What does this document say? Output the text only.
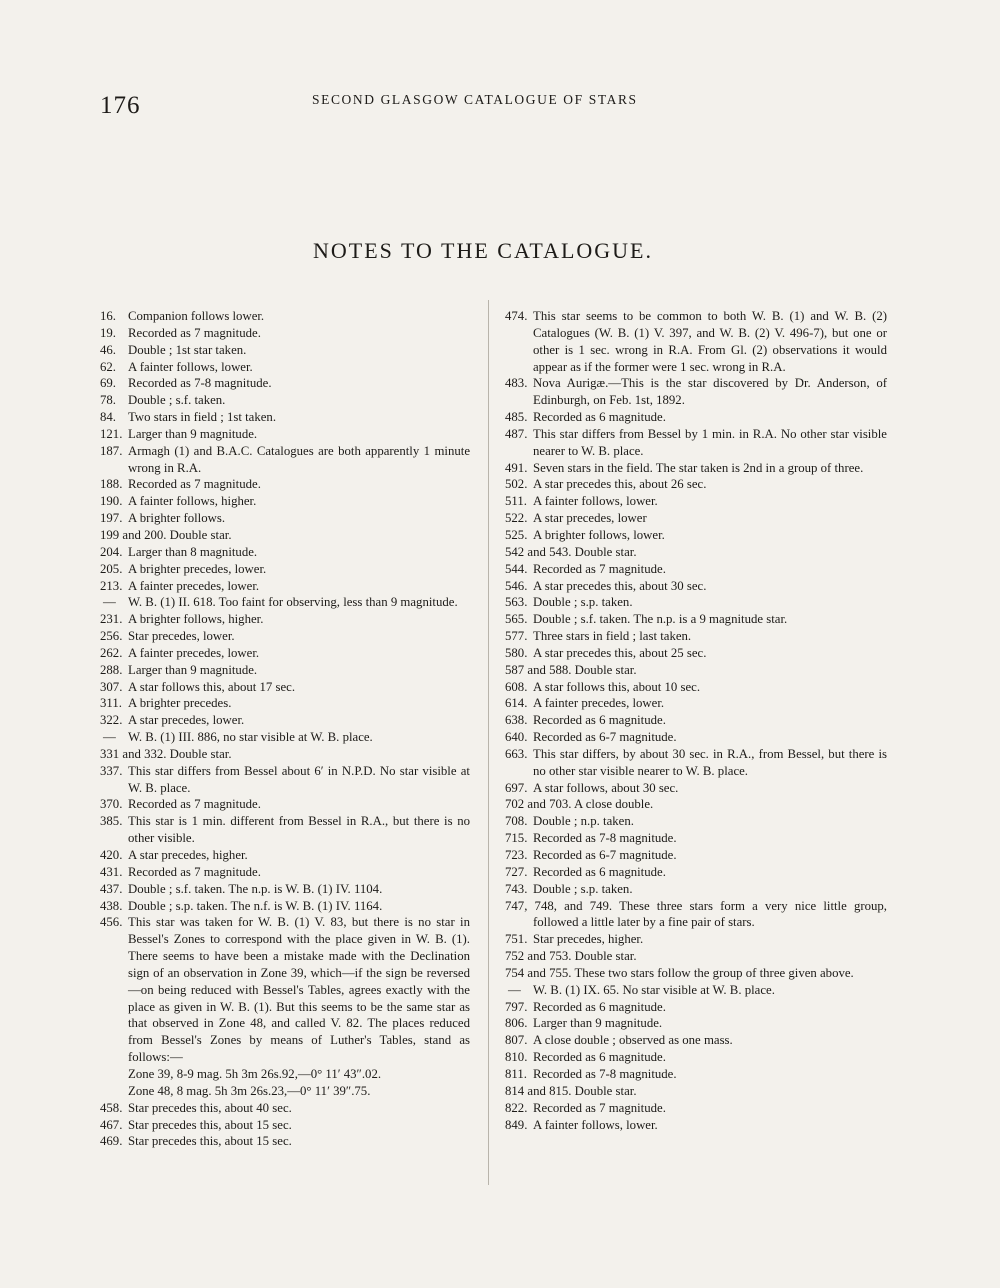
176	SECOND GLASGOW CATALOGUE OF STARS
NOTES TO THE CATALOGUE.
16. Companion follows lower.
19. Recorded as 7 magnitude.
46. Double ; 1st star taken.
62. A fainter follows, lower.
69. Recorded as 7-8 magnitude.
78. Double ; s.f. taken.
84. Two stars in field ; 1st taken.
121. Larger than 9 magnitude.
187. Armagh (1) and B.A.C. Catalogues are both apparently 1 minute wrong in R.A.
188. Recorded as 7 magnitude.
190. A fainter follows, higher.
197. A brighter follows.
199 and 200. Double star.
204. Larger than 8 magnitude.
205. A brighter precedes, lower.
213. A fainter precedes, lower.
— W. B. (1) II. 618. Too faint for observing, less than 9 magnitude.
231. A brighter follows, higher.
256. Star precedes, lower.
262. A fainter precedes, lower.
288. Larger than 9 magnitude.
307. A star follows this, about 17 sec.
311. A brighter precedes.
322. A star precedes, lower.
— W. B. (1) III. 886, no star visible at W. B. place.
331 and 332. Double star.
337. This star differs from Bessel about 6′ in N.P.D. No star visible at W. B. place.
370. Recorded as 7 magnitude.
385. This star is 1 min. different from Bessel in R.A., but there is no other visible.
420. A star precedes, higher.
431. Recorded as 7 magnitude.
437. Double ; s.f. taken. The n.p. is W. B. (1) IV. 1104.
438. Double ; s.p. taken. The n.f. is W. B. (1) IV. 1164.
456. This star was taken for W. B. (1) V. 83, but there is no star in Bessel's Zones to correspond with the place given in W. B. (1). There seems to have been a mistake made with the Declination sign of an observation in Zone 39, which—if the sign be reversed—on being reduced with Bessel's Tables, agrees exactly with the place as given in W. B. (1). But this seems to be the same star as that observed in Zone 48, and called V. 82. The places reduced from Bessel's Zones by means of Luther's Tables, stand as follows:—
Zone 39, 8-9 mag. 5h 3m 26s.92,—0° 11′ 43″.02.
Zone 48, 8 mag. 5h 3m 26s.23,—0° 11′ 39″.75.
458. Star precedes this, about 40 sec.
467. Star precedes this, about 15 sec.
469. Star precedes this, about 15 sec.
474. This star seems to be common to both W. B. (1) and W. B. (2) Catalogues (W. B. (1) V. 397, and W. B. (2) V. 496-7), but one or other is 1 sec. wrong in R.A. From Gl. (2) observations it would appear as if the former were 1 sec. wrong in R.A.
483. Nova Aurigæ.—This is the star discovered by Dr. Anderson, of Edinburgh, on Feb. 1st, 1892.
485. Recorded as 6 magnitude.
487. This star differs from Bessel by 1 min. in R.A. No other star visible nearer to W. B. place.
491. Seven stars in the field. The star taken is 2nd in a group of three.
502. A star precedes this, about 26 sec.
511. A fainter follows, lower.
522. A star precedes, lower
525. A brighter follows, lower.
542 and 543. Double star.
544. Recorded as 7 magnitude.
546. A star precedes this, about 30 sec.
563. Double ; s.p. taken.
565. Double ; s.f. taken. The n.p. is a 9 magnitude star.
577. Three stars in field ; last taken.
580. A star precedes this, about 25 sec.
587 and 588. Double star.
608. A star follows this, about 10 sec.
614. A fainter precedes, lower.
638. Recorded as 6 magnitude.
640. Recorded as 6-7 magnitude.
663. This star differs, by about 30 sec. in R.A., from Bessel, but there is no other star visible nearer to W. B. place.
697. A star follows, about 30 sec.
702 and 703. A close double.
708. Double ; n.p. taken.
715. Recorded as 7-8 magnitude.
723. Recorded as 6-7 magnitude.
727. Recorded as 6 magnitude.
743. Double ; s.p. taken.
747, 748, and 749. These three stars form a very nice little group, followed a little later by a fine pair of stars.
751. Star precedes, higher.
752 and 753. Double star.
754 and 755. These two stars follow the group of three given above.
— W. B. (1) IX. 65. No star visible at W. B. place.
797. Recorded as 6 magnitude.
806. Larger than 9 magnitude.
807. A close double ; observed as one mass.
810. Recorded as 6 magnitude.
811. Recorded as 7-8 magnitude.
814 and 815. Double star.
822. Recorded as 7 magnitude.
849. A fainter follows, lower.
